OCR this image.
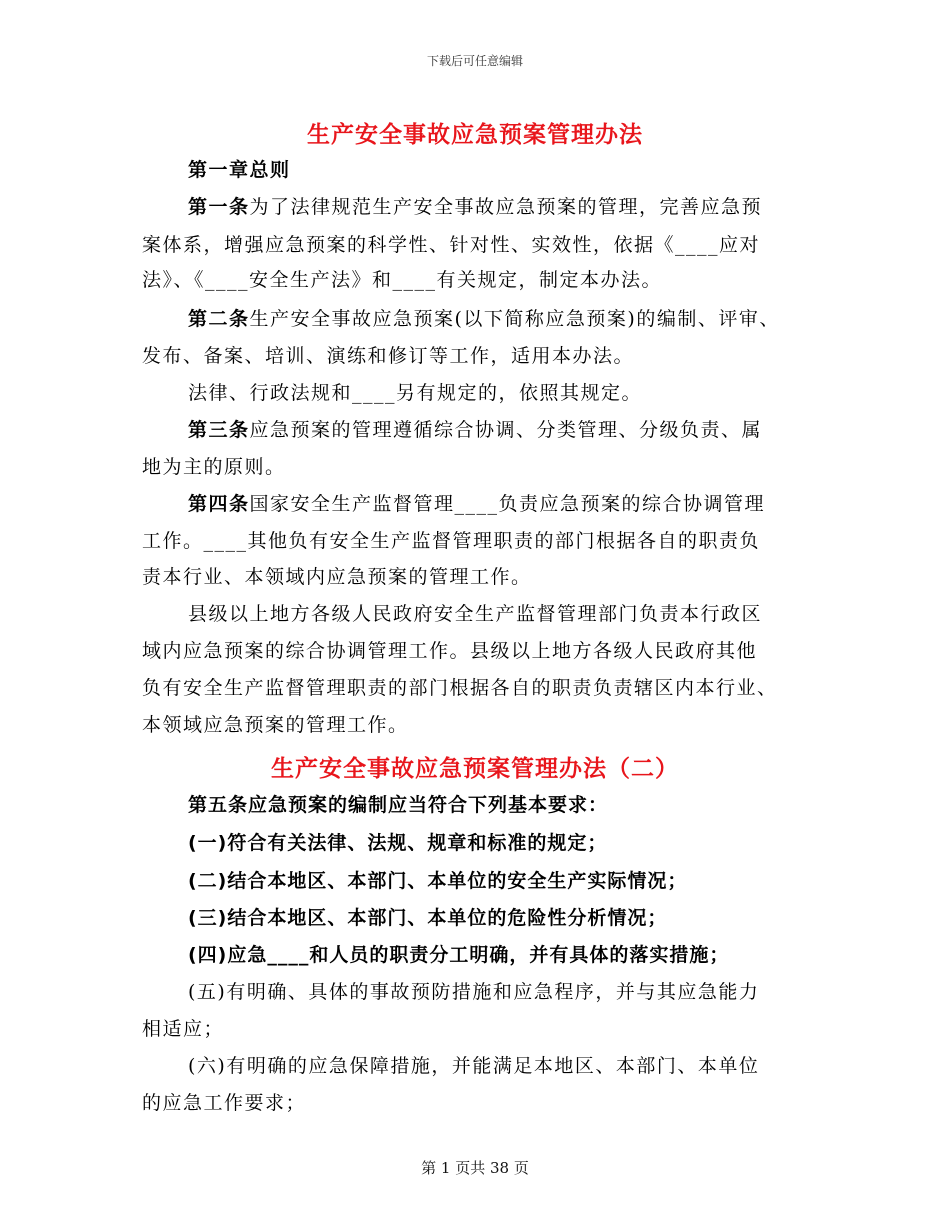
下载后可任意编辑
生产安全事故应急预案管理办法
第一章总则
第一条为了法律规范生产安全事故应急预案的管理，完善应急预
案体系，增强应急预案的科学性、针对性、实效性，依据《____应对
法》、《____安全生产法》和____有关规定，制定本办法。
第二条生产安全事故应急预案(以下简称应急预案)的编制、评审、
发布、备案、培训、演练和修订等工作，适用本办法。
法律、行政法规和____另有规定的，依照其规定。
第三条应急预案的管理遵循综合协调、分类管理、分级负责、属
地为主的原则。
第四条国家安全生产监督管理____负责应急预案的综合协调管理
工作。____其他负有安全生产监督管理职责的部门根据各自的职责负
责本行业、本领域内应急预案的管理工作。
县级以上地方各级人民政府安全生产监督管理部门负责本行政区
域内应急预案的综合协调管理工作。县级以上地方各级人民政府其他
负有安全生产监督管理职责的部门根据各自的职责负责辖区内本行业、
本领域应急预案的管理工作。
生产安全事故应急预案管理办法（二）
第五条应急预案的编制应当符合下列基本要求：
(一)符合有关法律、法规、规章和标准的规定；
(二)结合本地区、本部门、本单位的安全生产实际情况；
(三)结合本地区、本部门、本单位的危险性分析情况；
(四)应急____和人员的职责分工明确，并有具体的落实措施；
(五)有明确、具体的事故预防措施和应急程序，并与其应急能力
相适应；
(六)有明确的应急保障措施，并能满足本地区、本部门、本单位
的应急工作要求；
第 1 页共 38 页
